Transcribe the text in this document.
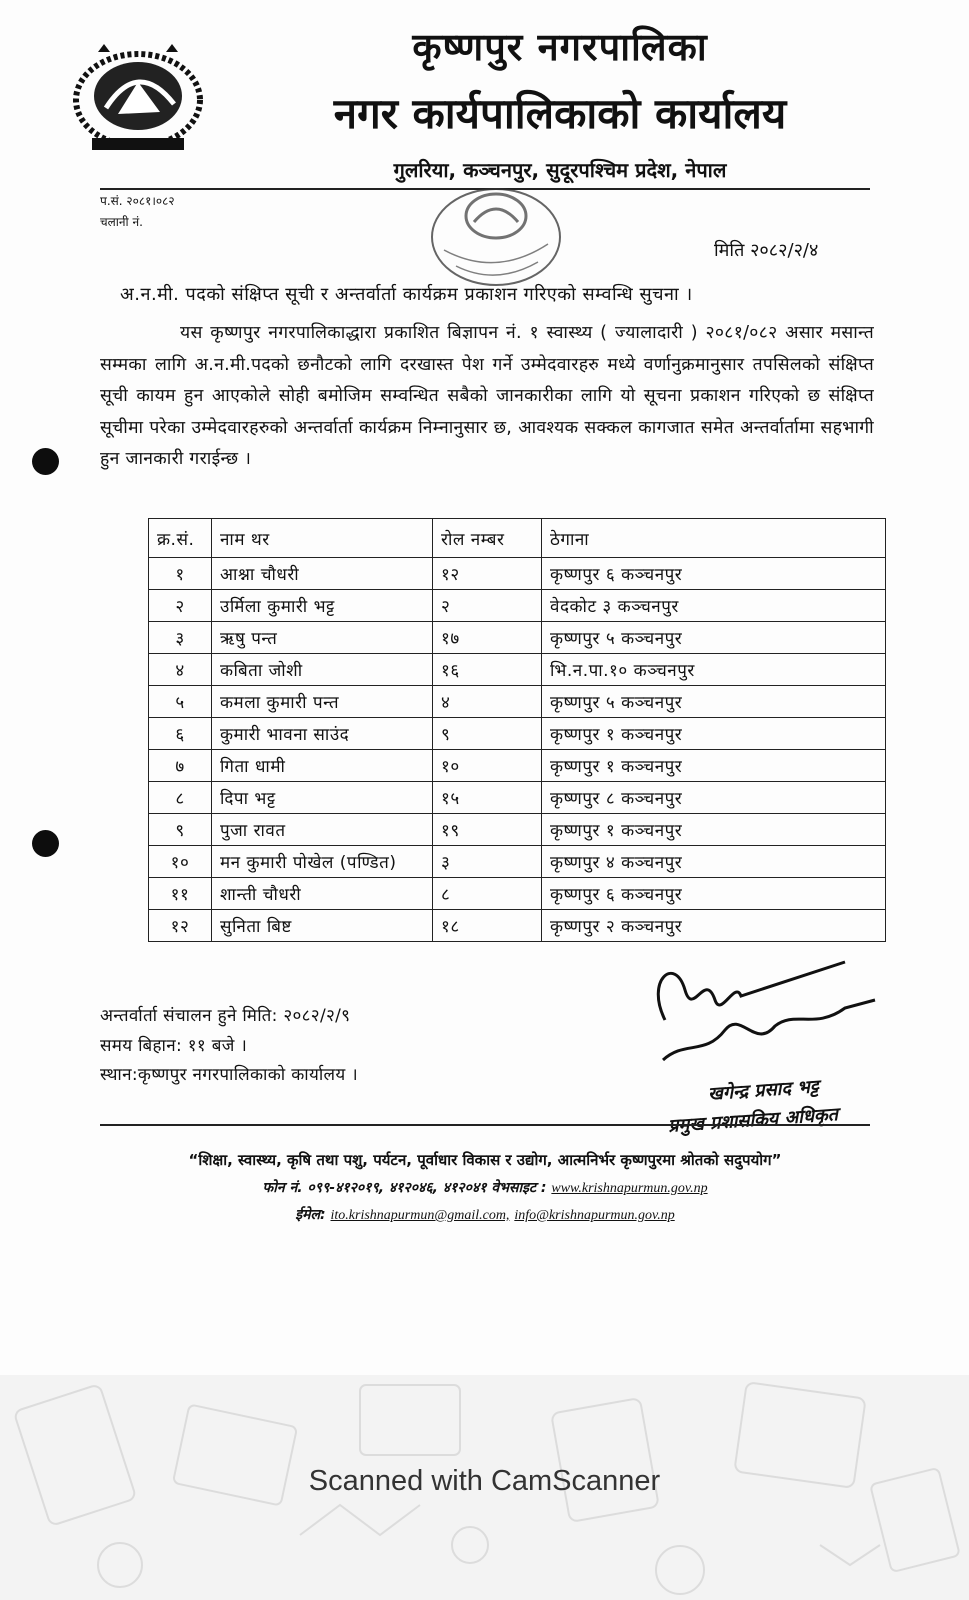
कृष्णपुर नगरपालिका
नगर कार्यपालिकाको कार्यालय
गुलरिया, कञ्चनपुर, सुदूरपश्चिम प्रदेश, नेपाल
प.सं. २०८१।०८२
चलानी नं.
मिति २०८२/२/४
अ.न.मी. पदको संक्षिप्त सूची र अन्तर्वार्ता कार्यक्रम प्रकाशन गरिएको सम्वन्धि सुचना ।
यस कृष्णपुर नगरपालिकाद्धारा प्रकाशित बिज्ञापन नं. १ स्वास्थ्य ( ज्यालादारी ) २०८१/०८२ असार मसान्त सम्मका लागि अ.न.मी.पदको छनौटको लागि दरखास्त पेश गर्ने उम्मेदवारहरु मध्ये वर्णानुक्रमानुसार तपसिलको संक्षिप्त सूची कायम हुन आएकोले सोही बमोजिम सम्वन्धित सबैको जानकारीका लागि यो सूचना प्रकाशन गरिएको छ संक्षिप्त सूचीमा परेका उम्मेदवारहरुको अन्तर्वार्ता कार्यक्रम निम्नानुसार छ, आवश्यक सक्कल कागजात समेत अन्तर्वार्तामा सहभागी हुन जानकारी गराईन्छ ।
क्र.सं.	नाम थर	रोल नम्बर	ठेगाना
१	आश्ना चौधरी	१२	कृष्णपुर ६ कञ्चनपुर
२	उर्मिला कुमारी भट्ट	२	वेदकोट ३ कञ्चनपुर
३	ऋषु पन्त	१७	कृष्णपुर ५ कञ्चनपुर
४	कबिता जोशी	१६	भि.न.पा.१० कञ्चनपुर
५	कमला कुमारी पन्त	४	कृष्णपुर ५ कञ्चनपुर
६	कुमारी भावना साउंद	९	कृष्णपुर १ कञ्चनपुर
७	गिता धामी	१०	कृष्णपुर १ कञ्चनपुर
८	दिपा भट्ट	१५	कृष्णपुर ८ कञ्चनपुर
९	पुजा रावत	१९	कृष्णपुर १ कञ्चनपुर
१०	मन कुमारी पोखेल (पण्डित)	३	कृष्णपुर ४ कञ्चनपुर
११	शान्ती चौधरी	८	कृष्णपुर ६ कञ्चनपुर
१२	सुनिता बिष्ट	१८	कृष्णपुर २ कञ्चनपुर
अन्तर्वार्ता संचालन हुने मिति: २०८२/२/९
समय बिहान: ११ बजे ।
स्थान:कृष्णपुर नगरपालिकाको कार्यालय ।
खगेन्द्र प्रसाद भट्ट
प्रमुख प्रशासकिय अधिकृत
“शिक्षा, स्वास्थ्य, कृषि तथा पशु, पर्यटन, पूर्वाधार विकास र उद्योग, आत्मनिर्भर कृष्णपुरमा श्रोतको सदुपयोग”
फोन नं. ०९९-४१२०१९, ४१२०४६, ४१२०४१ वेभसाइट : www.krishnapurmun.gov.np
ईमेल: ito.krishnapurmun@gmail.com, info@krishnapurmun.gov.np
Scanned with CamScanner
